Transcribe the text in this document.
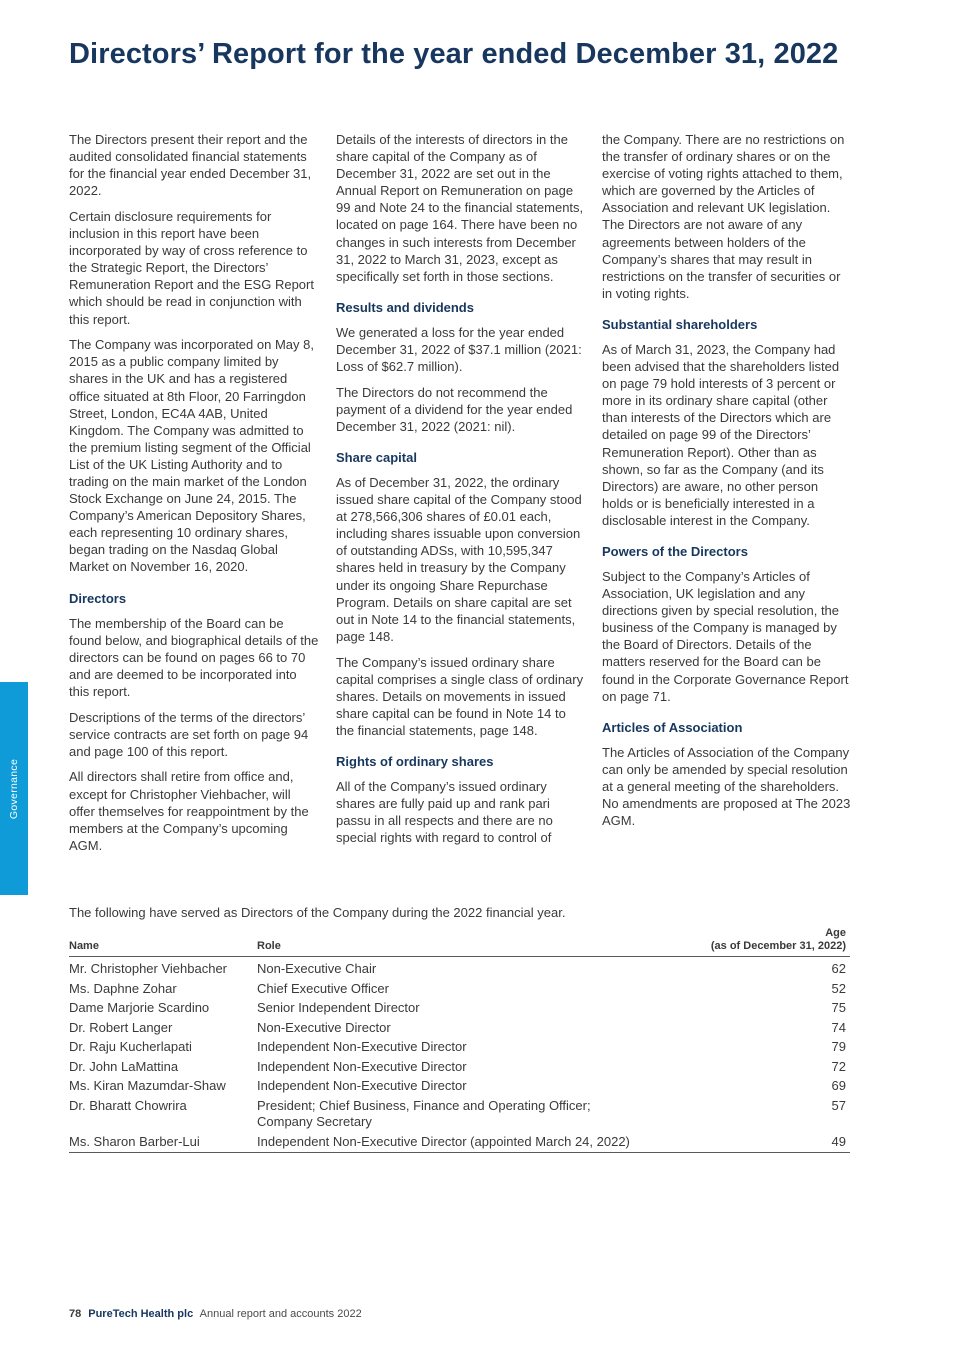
Directors’ Report for the year ended December 31, 2022
Governance

The Directors present their report and the audited consolidated financial statements for the financial year ended December 31, 2022.

Certain disclosure requirements for inclusion in this report have been incorporated by way of cross reference to the Strategic Report, the Directors’ Remuneration Report and the ESG Report which should be read in conjunction with this report.

The Company was incorporated on May 8, 2015 as a public company limited by shares in the UK and has a registered office situated at 8th Floor, 20 Farringdon Street, London, EC4A 4AB, United Kingdom. The Company was admitted to the premium listing segment of the Official List of the UK Listing Authority and to trading on the main market of the London Stock Exchange on June 24, 2015. The Company’s American Depository Shares, each representing 10 ordinary shares, began trading on the Nasdaq Global Market on November 16, 2020.

Directors

The membership of the Board can be found below, and biographical details of the directors can be found on pages 66 to 70 and are deemed to be incorporated into this report.

Descriptions of the terms of the directors’ service contracts are set forth on page 94 and page 100 of this report.

All directors shall retire from office and, except for Christopher Viehbacher, will offer themselves for reappointment by the members at the Company’s upcoming AGM.

Details of the interests of directors in the share capital of the Company as of December 31, 2022 are set out in the Annual Report on Remuneration on page 99 and Note 24 to the financial statements, located on page 164. There have been no changes in such interests from December 31, 2022 to March 31, 2023, except as specifically set forth in those sections.

Results and dividends

We generated a loss for the year ended December 31, 2022 of $37.1 million (2021: Loss of $62.7 million).

The Directors do not recommend the payment of a dividend for the year ended December 31, 2022 (2021: nil).

Share capital

As of December 31, 2022, the ordinary issued share capital of the Company stood at 278,566,306 shares of £0.01 each, including shares issuable upon conversion of outstanding ADSs, with 10,595,347 shares held in treasury by the Company under its ongoing Share Repurchase Program. Details on share capital are set out in Note 14 to the financial statements, page 148.

The Company’s issued ordinary share capital comprises a single class of ordinary shares. Details on movements in issued share capital can be found in Note 14 to the financial statements, page 148.

Rights of ordinary shares

All of the Company’s issued ordinary shares are fully paid up and rank pari passu in all respects and there are no special rights with regard to control of

the Company. There are no restrictions on the transfer of ordinary shares or on the exercise of voting rights attached to them, which are governed by the Articles of Association and relevant UK legislation. The Directors are not aware of any agreements between holders of the Company’s shares that may result in restrictions on the transfer of securities or in voting rights.

Substantial shareholders

As of March 31, 2023, the Company had been advised that the shareholders listed on page 79 hold interests of 3 percent or more in its ordinary share capital (other than interests of the Directors which are detailed on page 99 of the Directors’ Remuneration Report). Other than as shown, so far as the Company (and its Directors) are aware, no other person holds or is beneficially interested in a disclosable interest in the Company.

Powers of the Directors

Subject to the Company’s Articles of Association, UK legislation and any directions given by special resolution, the business of the Company is managed by the Board of Directors. Details of the matters reserved for the Board can be found in the Corporate Governance Report on page 71.

Articles of Association

The Articles of Association of the Company can only be amended by special resolution at a general meeting of the shareholders. No amendments are proposed at The 2023 AGM.

The following have served as Directors of the Company during the 2022 financial year.

Name	Role	Age
(as of December 31, 2022)
Mr. Christopher Viehbacher	Non-Executive Chair	62
Ms. Daphne Zohar	Chief Executive Officer	52
Dame Marjorie Scardino	Senior Independent Director	75
Dr. Robert Langer	Non-Executive Director	74
Dr. Raju Kucherlapati	Independent Non-Executive Director	79
Dr. John LaMattina	Independent Non-Executive Director	72
Ms. Kiran Mazumdar-Shaw	Independent Non-Executive Director	69
Dr. Bharatt Chowrira	President; Chief Business, Finance and Operating Officer;
Company Secretary	57
Ms. Sharon Barber-Lui	Independent Non-Executive Director (appointed March 24, 2022)	49
78 PureTech Health plc Annual report and accounts 2022
